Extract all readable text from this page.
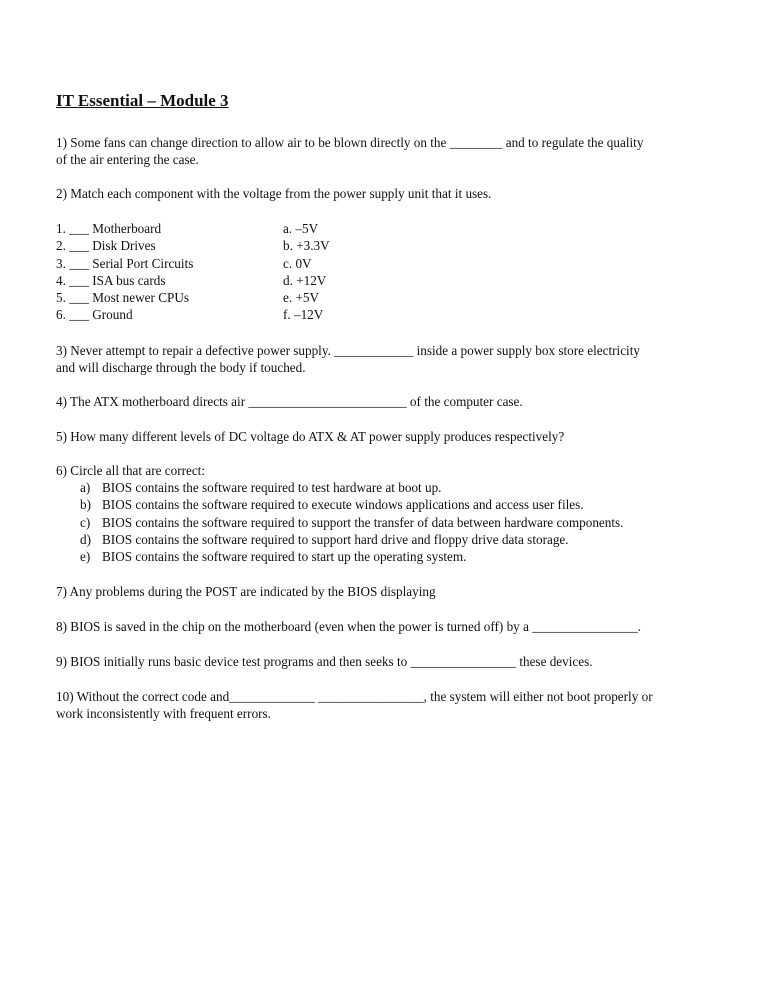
IT Essential – Module 3
1) Some fans can change direction to allow air to be blown directly on the ________ and to regulate the quality
of the air entering the case.
2) Match each component with the voltage from the power supply unit that it uses.
1. ___ Motherboard	a. –5V
2. ___ Disk Drives	b. +3.3V
3. ___ Serial Port Circuits	c. 0V
4. ___ ISA bus cards	d. +12V
5. ___ Most newer CPUs	e. +5V
6. ___ Ground	f. –12V
3) Never attempt to repair a defective power supply. ____________ inside a power supply box store electricity
and will discharge through the body if touched.
4) The ATX motherboard directs air ________________________ of the computer case.
5) How many different levels of DC voltage do ATX & AT power supply produces respectively?
6) Circle all that are correct:
a) BIOS contains the software required to test hardware at boot up.
b) BIOS contains the software required to execute windows applications and access user files.
c) BIOS contains the software required to support the transfer of data between hardware components.
d) BIOS contains the software required to support hard drive and floppy drive data storage.
e) BIOS contains the software required to start up the operating system.
7) Any problems during the POST are indicated by the BIOS displaying
8) BIOS is saved in the chip on the motherboard (even when the power is turned off) by a ________________.
9) BIOS initially runs basic device test programs and then seeks to ________________ these devices.
10) Without the correct code and_____________ ________________, the system will either not boot properly or
work inconsistently with frequent errors.
